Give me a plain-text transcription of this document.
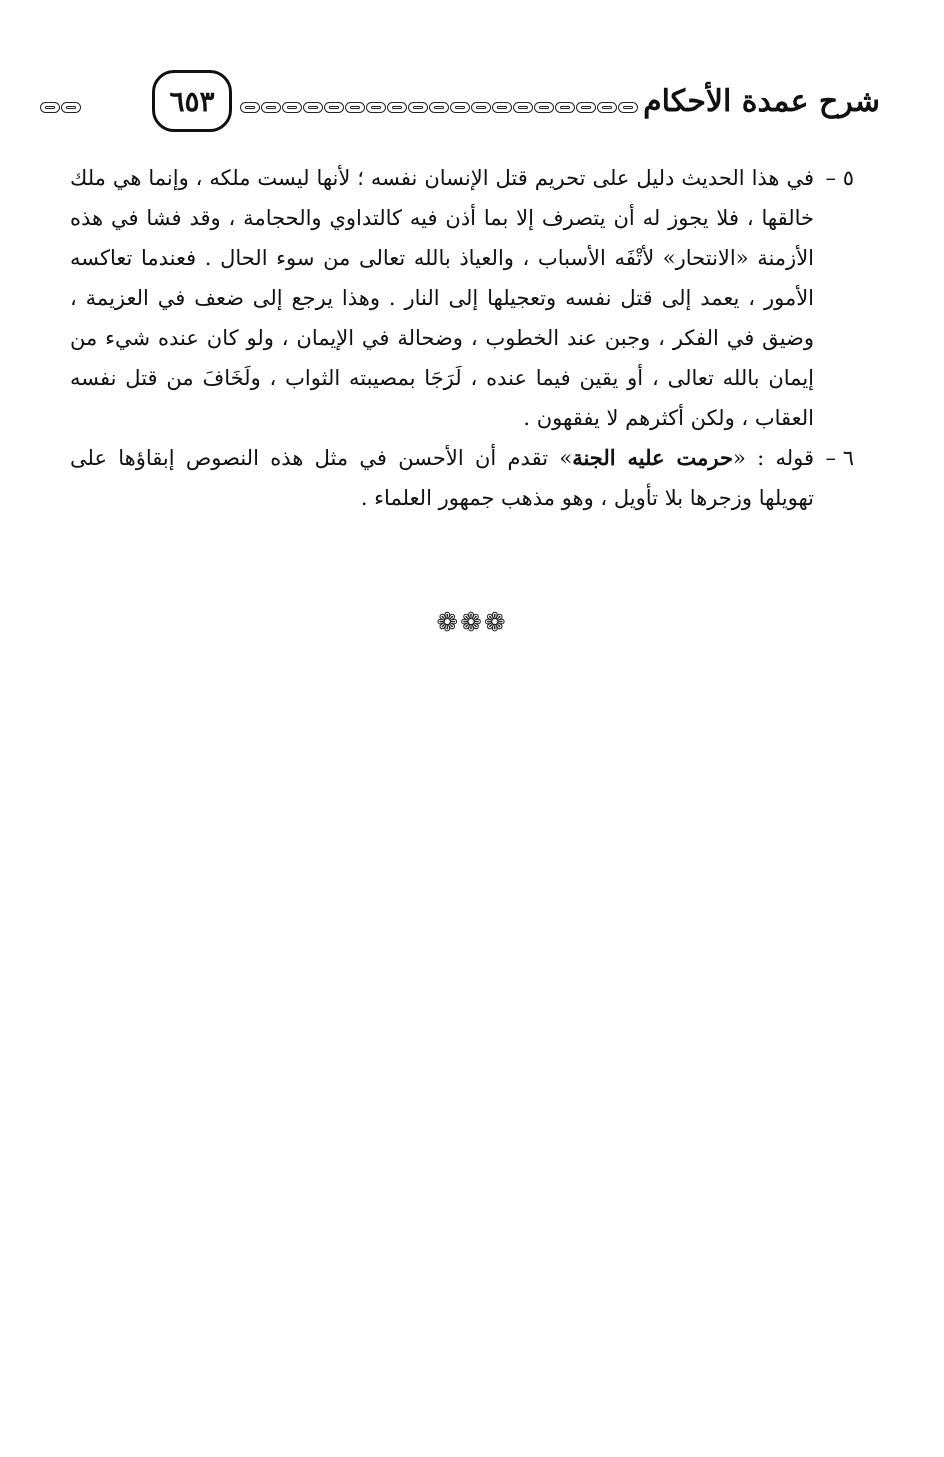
٦٥٣	شرح عمدة الأحكام
٥ –

في هذا الحديث دليل على تحريم قتل الإنسان نفسه ؛ لأنها ليست ملكه ، وإنما هي ملك خالقها ، فلا يجوز له أن يتصرف إلا بما أذن فيه كالتداوي والحجامة ، وقد فشا في هذه الأزمنة «الانتحار» لأتْفَه الأسباب ، والعياذ بالله تعالى من سوء الحال . فعندما تعاكسه الأمور ، يعمد إلى قتل نفسه وتعجيلها إلى النار . وهذا يرجع إلى ضعف في العزيمة ، وضيق في الفكر ، وجبن عند الخطوب ، وضحالة في الإيمان ، ولو كان عنده شيء من إيمان بالله تعالى ، أو يقين فيما عنده ، لَرَجَا بمصيبته الثواب ، ولَخَافَ من قتل نفسه العقاب ، ولكن أكثرهم لا يفقهون .

٦ –

قوله : «حرمت عليه الجنة» تقدم أن الأحسن في مثل هذه النصوص إبقاؤها على تهويلها وزجرها بلا تأويل ، وهو مذهب جمهور العلماء .

❁❁❁
